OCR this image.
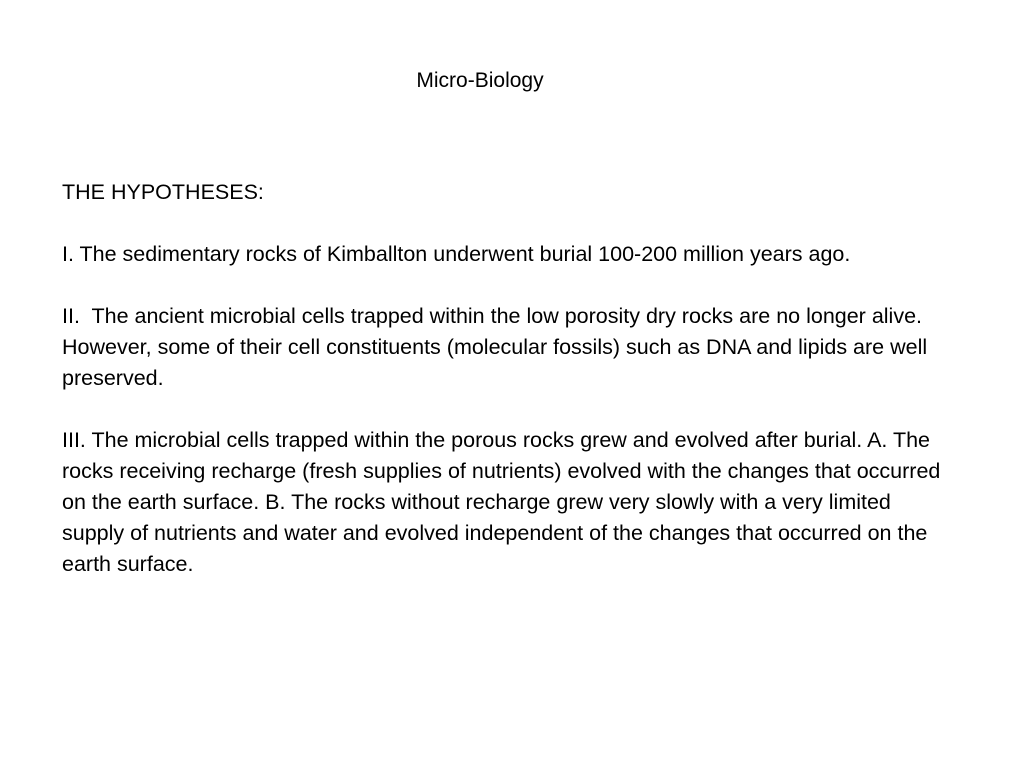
Micro-Biology

THE HYPOTHESES:

I. The sedimentary rocks of Kimballton underwent burial 100-200 million years ago.

II.  The ancient microbial cells trapped within the low porosity dry rocks are no longer alive. However, some of their cell constituents (molecular fossils) such as DNA and lipids are well preserved.

III. The microbial cells trapped within the porous rocks grew and evolved after burial. A. The rocks receiving recharge (fresh supplies of nutrients) evolved with the changes that occurred on the earth surface. B. The rocks without recharge grew very slowly with a very limited supply of nutrients and water and evolved independent of the changes that occurred on the earth surface.
